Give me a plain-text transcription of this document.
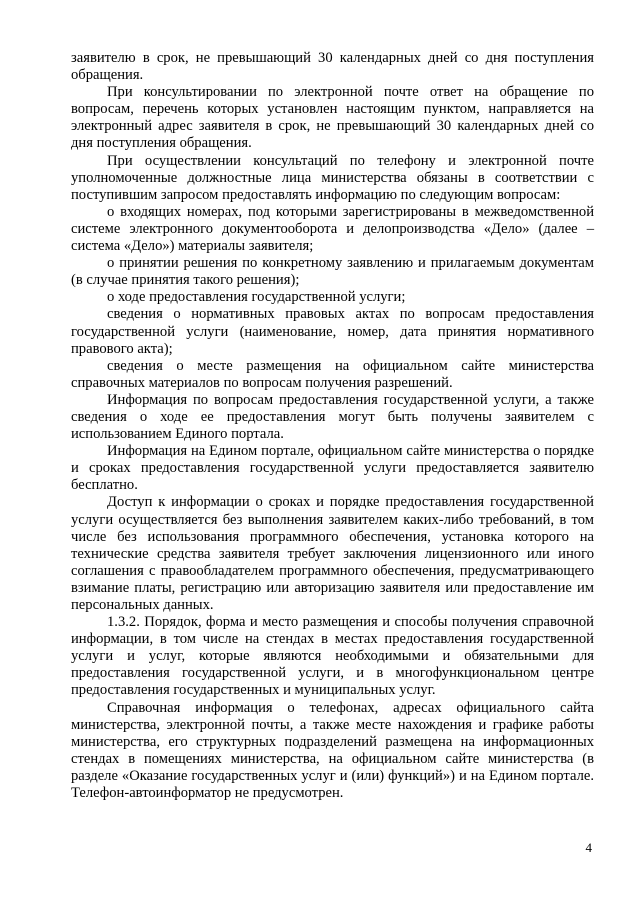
заявителю в срок, не превышающий 30 календарных дней со дня поступления обращения.

При консультировании по электронной почте ответ на обращение по вопросам, перечень которых установлен настоящим пунктом, направляется на электронный адрес заявителя в срок, не превышающий 30 календарных дней со дня поступления обращения.

При осуществлении консультаций по телефону и электронной почте уполномоченные должностные лица министерства обязаны в соответствии с поступившим запросом предоставлять информацию по следующим вопросам:

о входящих номерах, под которыми зарегистрированы в межведомственной системе электронного документооборота и делопроизводства «Дело» (далее – система «Дело») материалы заявителя;

о принятии решения по конкретному заявлению и прилагаемым документам (в случае принятия такого решения);

о ходе предоставления государственной услуги;

сведения о нормативных правовых актах по вопросам предоставления государственной услуги (наименование, номер, дата принятия нормативного правового акта);

сведения о месте размещения на официальном сайте министерства справочных материалов по вопросам получения разрешений.

Информация по вопросам предоставления государственной услуги, а также сведения о ходе ее предоставления могут быть получены заявителем с использованием Единого портала.

Информация на Едином портале, официальном сайте министерства о порядке и сроках предоставления государственной услуги предоставляется заявителю бесплатно.

Доступ к информации о сроках и порядке предоставления государственной услуги осуществляется без выполнения заявителем каких-либо требований, в том числе без использования программного обеспечения, установка которого на технические средства заявителя требует заключения лицензионного или иного соглашения с правообладателем программного обеспечения, предусматривающего взимание платы, регистрацию или авторизацию заявителя или предоставление им персональных данных.

1.3.2. Порядок, форма и место размещения и способы получения справочной информации, в том числе на стендах в местах предоставления государственной услуги и услуг, которые являются необходимыми и обязательными для предоставления государственной услуги, и в многофункциональном центре предоставления государственных и муниципальных услуг.

Справочная информация о телефонах, адресах официального сайта министерства, электронной почты, а также месте нахождения и графике работы министерства, его структурных подразделений размещена на информационных стендах в помещениях министерства, на официальном сайте министерства (в разделе «Оказание государственных услуг и (или) функций») и на Едином портале. Телефон-автоинформатор не предусмотрен.

4
